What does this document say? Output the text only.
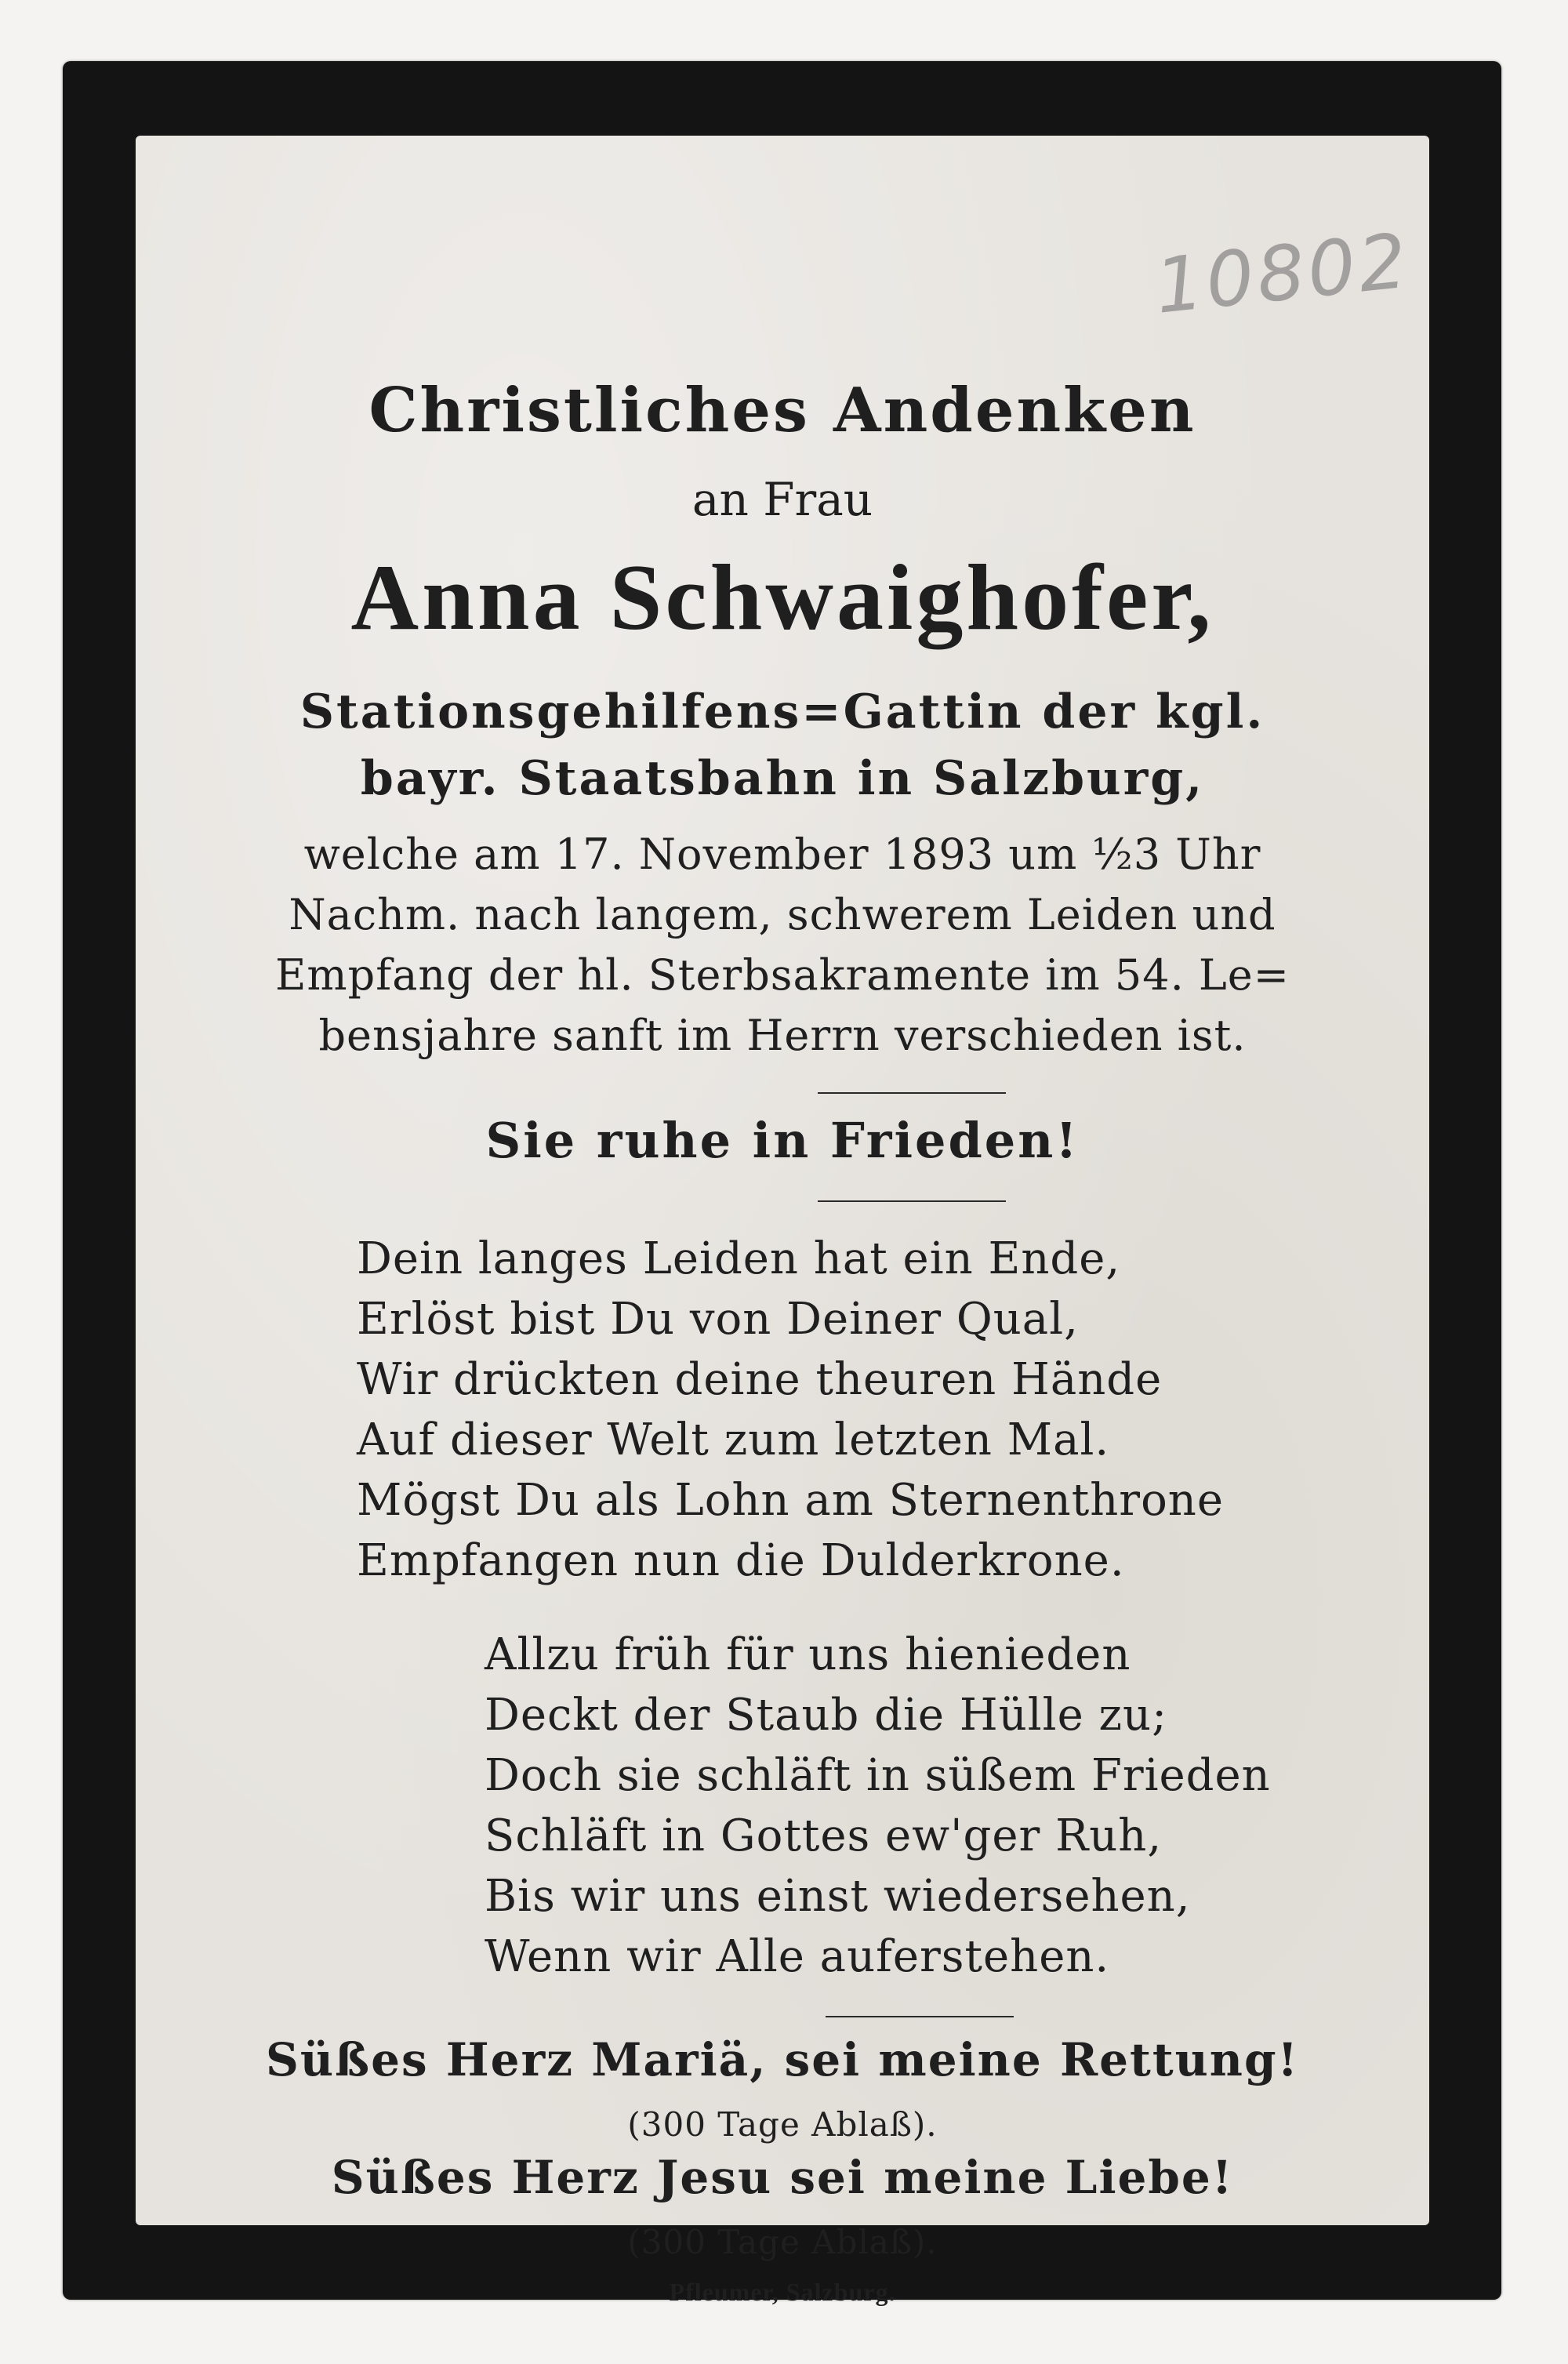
10802
Christliches Andenken
an Frau
Anna Schwaighofer,
Stationsgehilfens=Gattin der kgl.
bayr. Staatsbahn in Salzburg,
welche am 17. November 1893 um ½3 Uhr
Nachm. nach langem, schwerem Leiden und
Empfang der hl. Sterbsakramente im 54. Le=
bensjahre sanft im Herrn verschieden ist.
Sie ruhe in Frieden!
Dein langes Leiden hat ein Ende,
Erlöst bist Du von Deiner Qual,
Wir drückten deine theuren Hände
Auf dieser Welt zum letzten Mal.
Mögst Du als Lohn am Sternenthrone
Empfangen nun die Dulderkrone.
Allzu früh für uns hienieden
Deckt der Staub die Hülle zu;
Doch sie schläft in süßem Frieden
Schläft in Gottes ew'ger Ruh,
Bis wir uns einst wiedersehen,
Wenn wir Alle auferstehen.
Süßes Herz Mariä, sei meine Rettung!
(300 Tage Ablaß).
Süßes Herz Jesu sei meine Liebe!
(300 Tage Ablaß).
Pfleumer, Salzburg.
